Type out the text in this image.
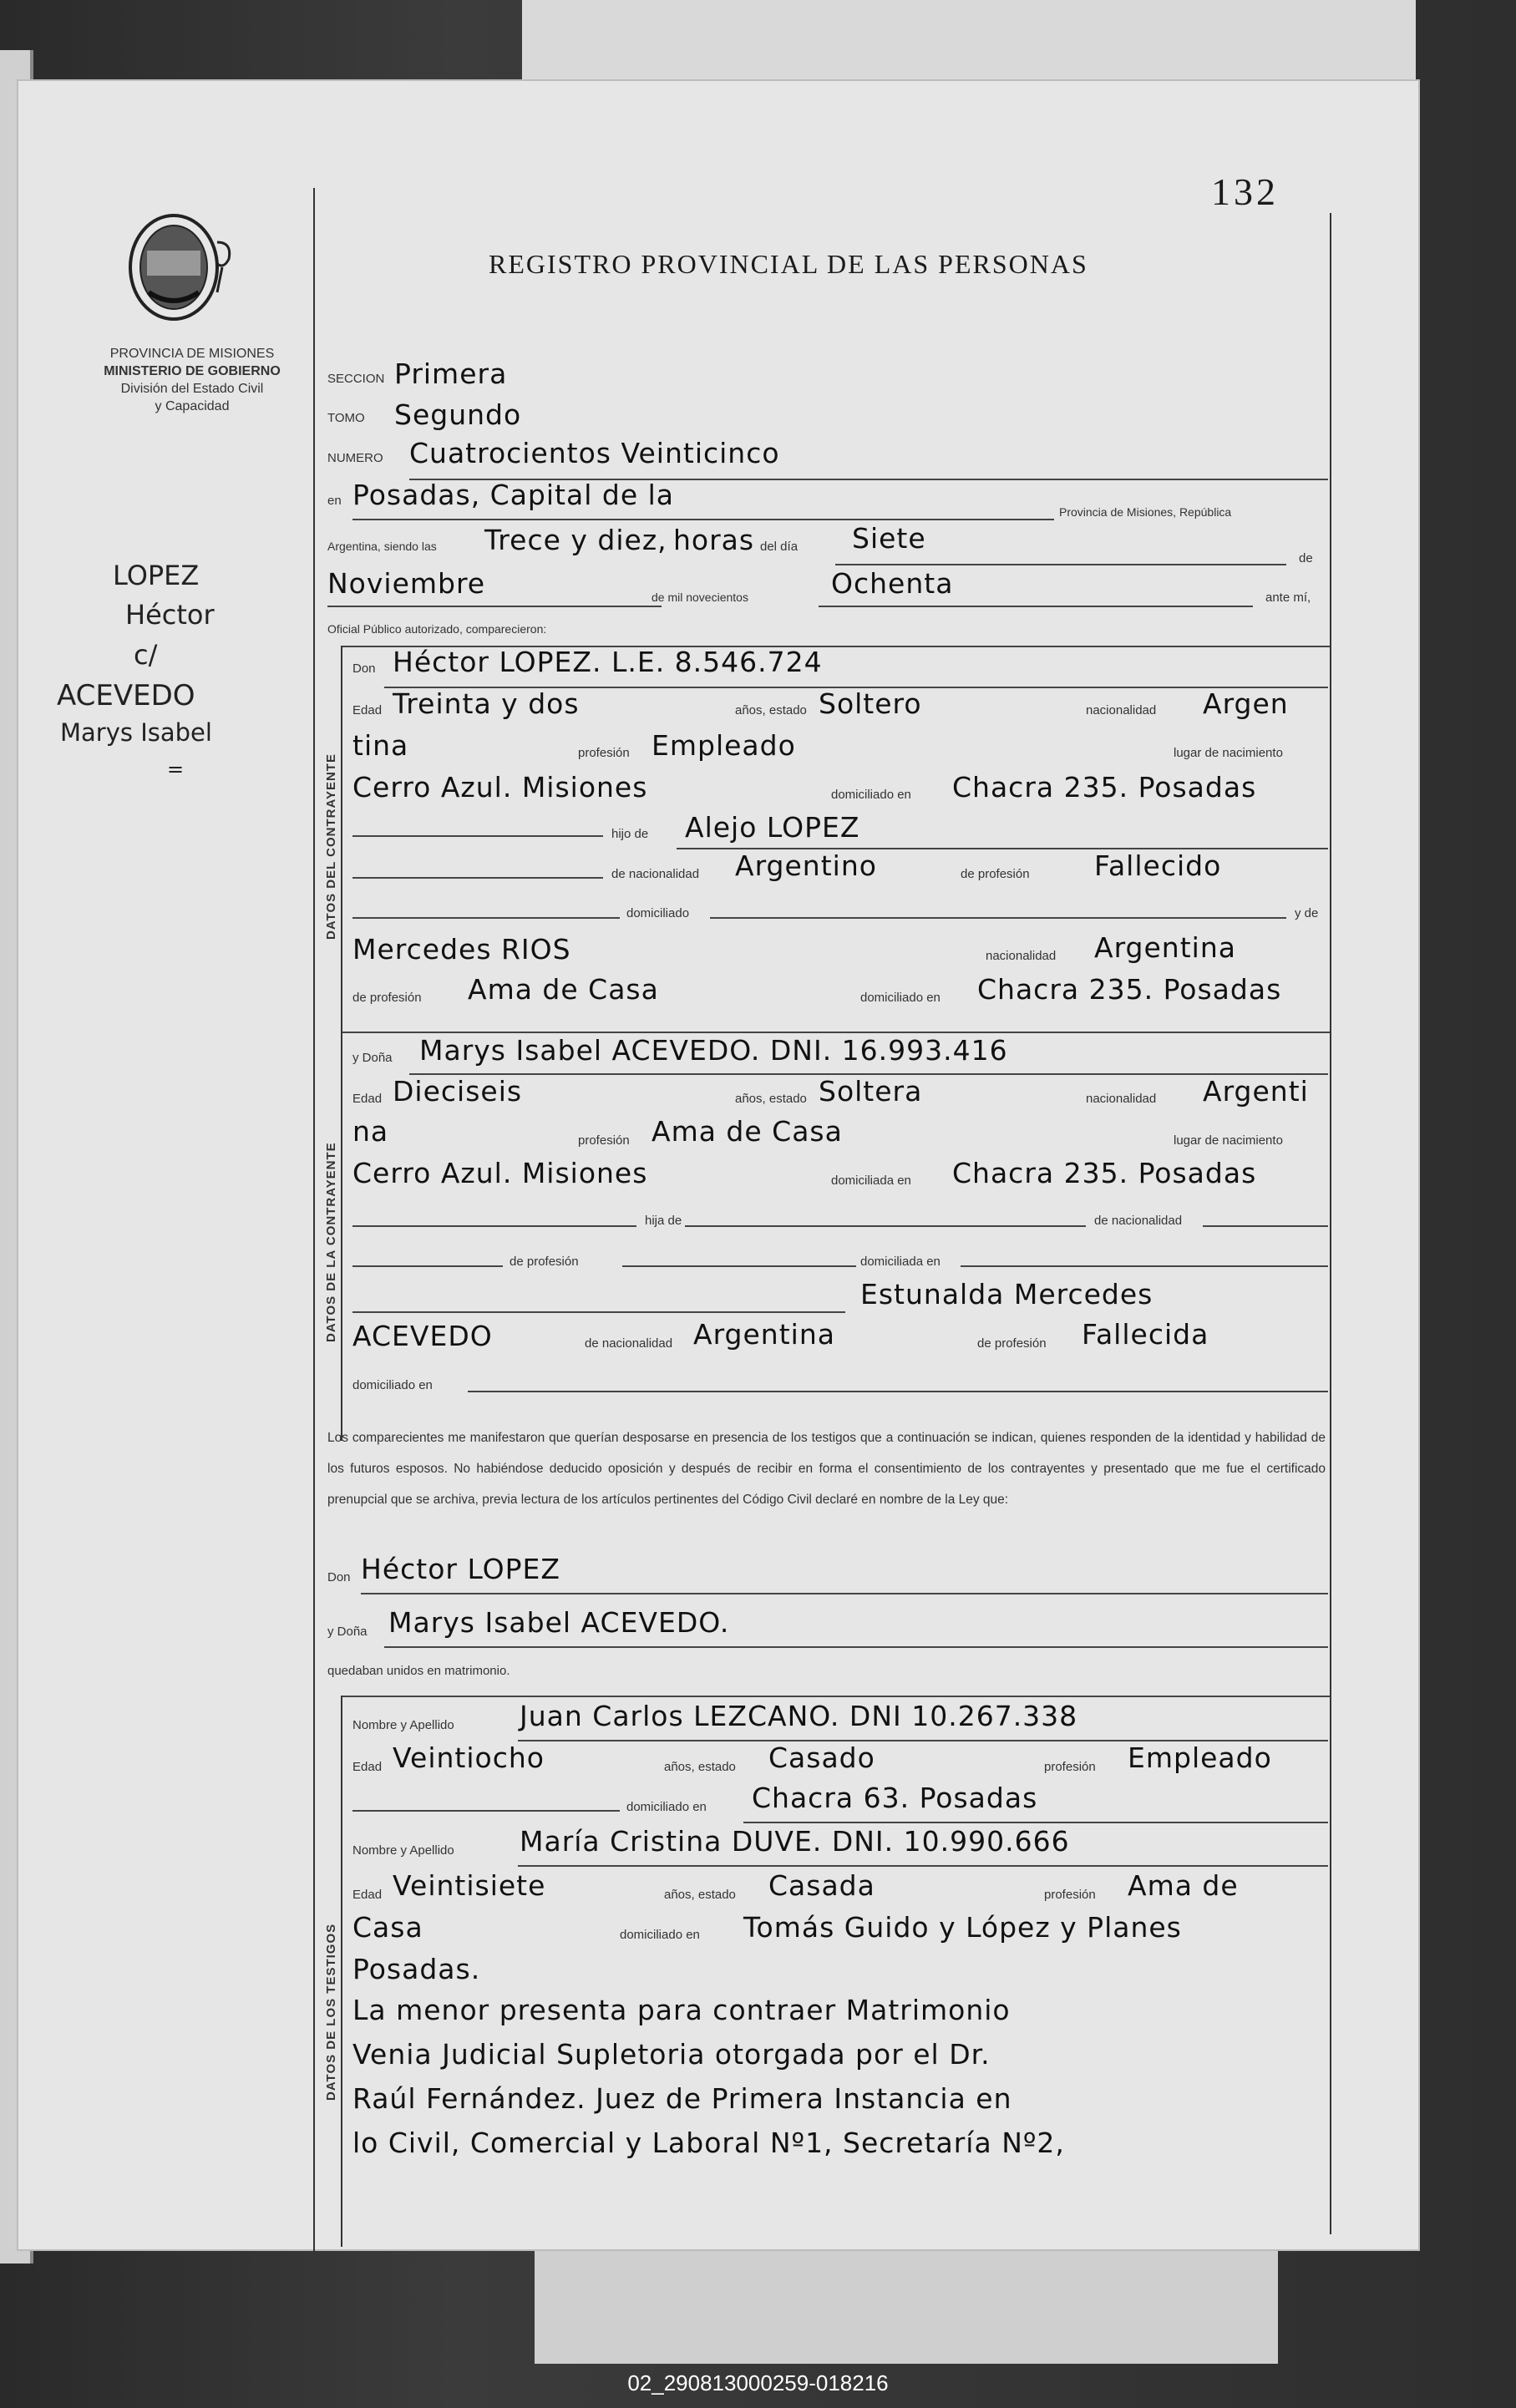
132
PROVINCIA DE MISIONES
MINISTERIO DE GOBIERNO
División del Estado Civil
y Capacidad
LOPEZ
Héctor
c/
ACEVEDO
Marys Isabel
=
REGISTRO PROVINCIAL DE LAS PERSONAS
SECCION Primera
TOMO Segundo
NUMERO Cuatrocientos Veinticinco
en Posadas, Capital de la
Provincia de Misiones, República
Argentina, siendo las Trece y diez, horas del día Siete
de
Noviembre	de mil novecientos	Ochenta	ante mí,
Oficial Público autorizado, comparecieron:
DATOS DEL CONTRAYENTE
Don Héctor LOPEZ. L.E. 8.546.724
Edad Treinta y dos	años, estado Soltero	nacionalidad Argen
tina	profesión Empleado	lugar de nacimiento
Cerro Azul. Misiones	domiciliado en Chacra 235. Posadas
hijo de Alejo LOPEZ
de nacionalidad Argentino	de profesión Fallecido
domiciliado	y de
Mercedes RIOS	nacionalidad Argentina
de profesión Ama de Casa	domiciliado en Chacra 235. Posadas
DATOS DE LA CONTRAYENTE
y Doña Marys Isabel ACEVEDO. DNI. 16.993.416
Edad Dieciseis	años, estado Soltera	nacionalidad Argenti
na	profesión Ama de Casa	lugar de nacimiento
Cerro Azul. Misiones	domiciliada en Chacra 235. Posadas
hija de	de nacionalidad
de profesión	domiciliada en
Estunalda Mercedes
ACEVEDO	de nacionalidad Argentina	de profesión Fallecida
domiciliado en
Los comparecientes me manifestaron que querían desposarse en presencia de los testigos que a continuación se indican, quienes responden de la identidad y habilidad de los futuros esposos. No habiéndose deducido oposición y después de recibir en forma el consentimiento de los contrayentes y presentado que me fue el certificado prenupcial que se archiva, previa lectura de los artículos pertinentes del Código Civil declaré en nombre de la Ley que:
Don Héctor LOPEZ
y Doña Marys Isabel ACEVEDO.
quedaban unidos en matrimonio.
DATOS DE LOS TESTIGOS
Nombre y Apellido Juan Carlos LEZCANO. DNI 10.267.338
Edad Veintiocho	años, estado Casado	profesión Empleado
domiciliado en Chacra 63. Posadas
Nombre y Apellido María Cristina DUVE. DNI. 10.990.666
Edad Veintisiete	años, estado Casada	profesión Ama de
Casa	domiciliado en Tomás Guido y López y Planes
Posadas.
La menor presenta para contraer Matrimonio
Venia Judicial Supletoria otorgada por el Dr.
Raúl Fernández. Juez de Primera Instancia en
lo Civil, Comercial y Laboral Nº1, Secretaría Nº2,
02_290813000259-018216
